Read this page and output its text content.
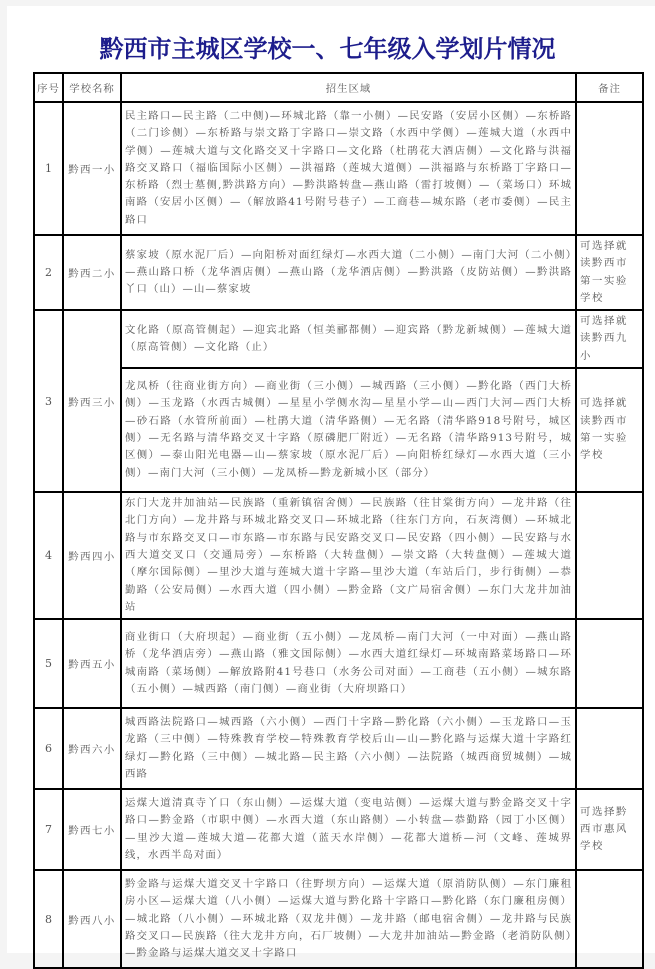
黔西市主城区学校一、七年级入学划片情况
序号	学校名称	招生区域	备注
1	黔西一小	民主路口—民主路（二中侧)—环城北路（靠一小侧）—民安路（安居小区侧）—东桥路（二门诊侧）—东桥路与崇文路丁字路口—崇文路（水西中学侧）—莲城大道（水西中学侧）—莲城大道与文化路交叉十字路口—文化路（杜鹃花大酒店侧）—文化路与洪福路交叉路口（福临国际小区侧）—洪福路（莲城大道侧）—洪福路与东桥路丁字路口—东桥路（烈士墓侧,黔洪路方向）—黔洪路转盘—燕山路（雷打坡侧）—（菜场口）环城南路（安居小区侧）—（解放路41号附号巷子）—工商巷—城东路（老市委侧）—民主路口	
2	黔西二小	蔡家坡（原水泥厂后）—向阳桥对面红绿灯—水西大道（二小侧）—南门大河（二小侧）—燕山路口桥（龙华酒店侧）—燕山路（龙华酒店侧）—黔洪路（皮防站侧）—黔洪路丫口（山）—山—蔡家坡	可选择就读黔西市第一实验学校
3	黔西三小	文化路（原高管侧起）—迎宾北路（恒美郦都侧）—迎宾路（黔龙新城侧）—莲城大道（原高管侧）—文化路（止）	可选择就读黔西九小
		龙凤桥（往商业街方向）—商业街（三小侧）—城西路（三小侧）—黔化路（西门大桥侧）—玉龙路（水西古城侧）—星星小学侧水沟—星星小学—山—西门大河—西门大桥—砂石路（水管所前面）—杜鹃大道（清华路侧）—无名路（清华路918号附号，城区侧）—无名路与清华路交叉十字路（原磷肥厂附近）—无名路（清华路913号附号，城区侧）—泰山阳光电器—山—蔡家坡（原水泥厂后）—向阳桥红绿灯—水西大道（三小侧）—南门大河（三小侧）—龙凤桥—黔龙新城小区（部分）	可选择就读黔西市第一实验学校
4	黔西四小	东门大龙井加油站—民族路（重新镇宿舍侧）—民族路（往甘棠街方向）—龙井路（往北门方向）—龙井路与环城北路交叉口—环城北路（往东门方向，石灰湾侧）—环城北路与市东路交叉口—市东路—市东路与民安路交叉口—民安路（四小侧）—民安路与水西大道交叉口（交通局旁）—东桥路（大转盘侧）—崇文路（大转盘侧）—莲城大道（摩尔国际侧）—里沙大道与莲城大道十字路—里沙大道（车站后门，步行街侧）—恭勤路（公安局侧）—水西大道（四小侧）—黔金路（文广局宿舍侧）—东门大龙井加油站	
5	黔西五小	商业街口（大府坝起）—商业街（五小侧）—龙凤桥—南门大河（一中对面）—燕山路桥（龙华酒店旁）—燕山路（雅文国际侧）—水西大道红绿灯—环城南路菜场路口—环城南路（菜场侧）—解放路附41号巷口（水务公司对面）—工商巷（五小侧）—城东路（五小侧）—城西路（南门侧）—商业街（大府坝路口）	
6	黔西六小	城西路法院路口—城西路（六小侧）—西门十字路—黔化路（六小侧）—玉龙路口—玉龙路（三中侧）—特殊教育学校—特殊教育学校后山—山—黔化路与运煤大道十字路红绿灯—黔化路（三中侧）—城北路—民主路（六小侧）—法院路（城西商贸城侧）—城西路	
7	黔西七小	运煤大道清真寺丫口（东山侧）—运煤大道（变电站侧）—运煤大道与黔金路交叉十字路口—黔金路（市职中侧）—水西大道（东山路侧）—小转盘—恭勤路（园丁小区侧）—里沙大道—莲城大道—花都大道（蓝天水岸侧）—花都大道桥—河（文峰、莲城界线，水西半岛对面）	可选择黔西市惠风学校
8	黔西八小	黔金路与运煤大道交叉十字路口（往野坝方向）—运煤大道（原消防队侧）—东门廉租房小区—运煤大道（八小侧）—运煤大道与黔化路十字路口—黔化路（东门廉租房侧）—城北路（八小侧）—环城北路（双龙井侧）—龙井路（邮电宿舍侧）—龙井路与民族路交叉口—民族路（往大龙井方向，石厂坡侧）—大龙井加油站—黔金路（老消防队侧）—黔金路与运煤大道交叉十字路口	
